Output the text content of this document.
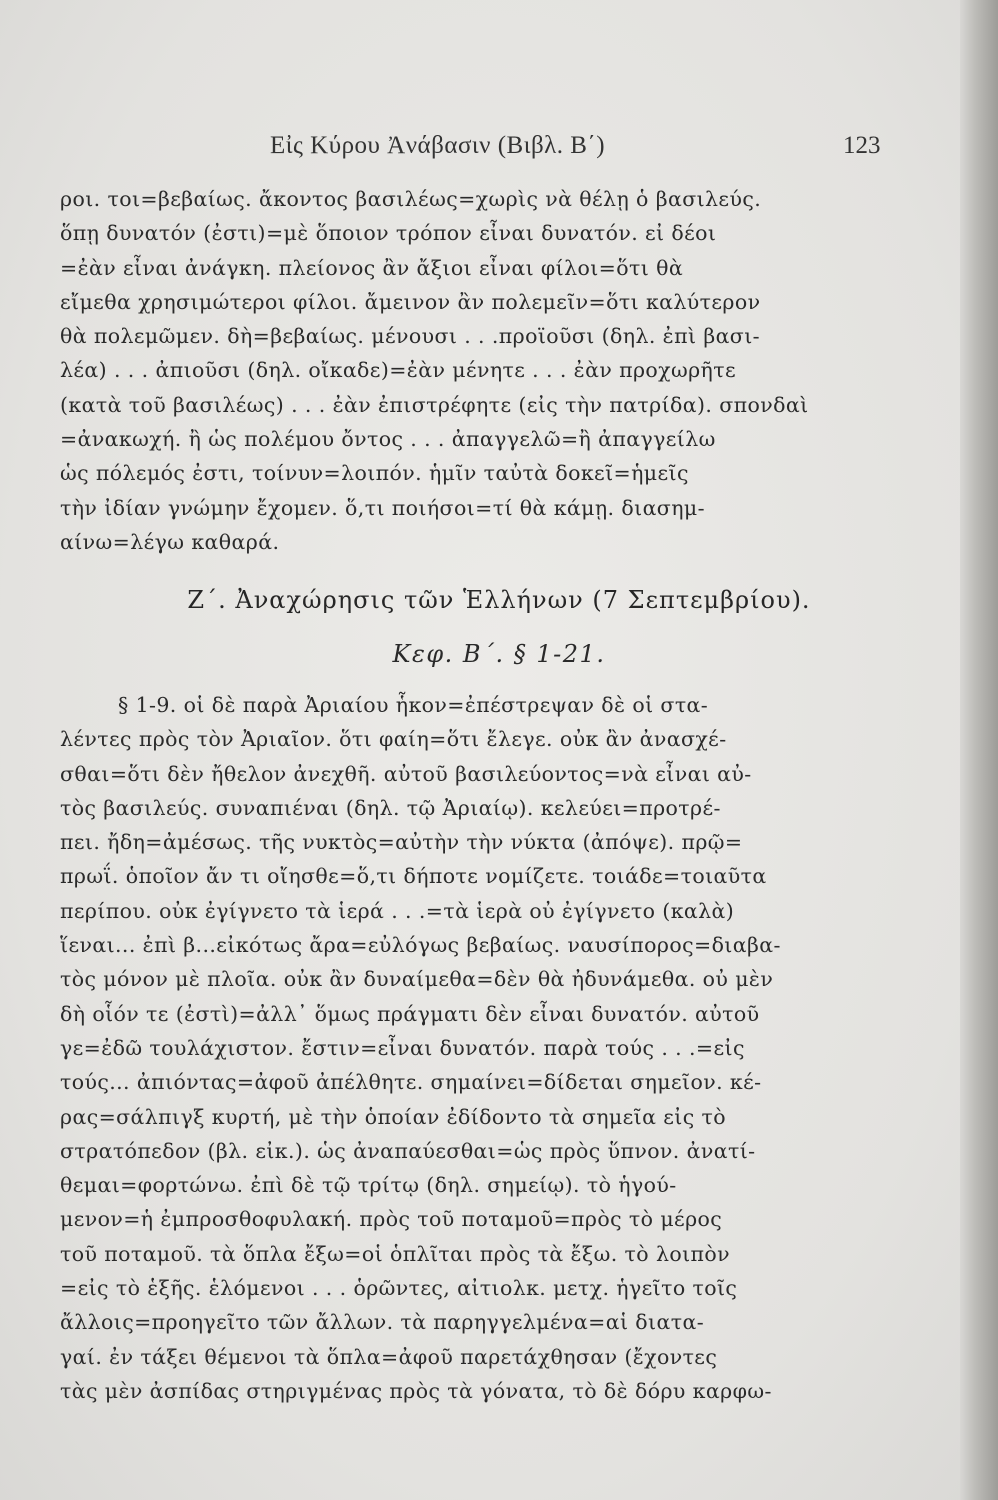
Εἰς Κύρου Ἀνάβασιν (Βιβλ. Β΄)	123
ροι. τοι=βεβαίως. ἄκοντος βασιλέως=χωρὶς νὰ θέλῃ ὁ βασιλεύς.
ὅπῃ δυνατόν (ἐστι)=μὲ ὅποιον τρόπον εἶναι δυνατόν. εἰ δέοι
=ἐὰν εἶναι ἀνάγκη. πλείονος ἂν ἄξιοι εἶναι φίλοι=ὅτι θὰ
εἴμεθα χρησιμώτεροι φίλοι. ἄμεινον ἂν πολεμεῖν=ὅτι καλύτερον
θὰ πολεμῶμεν. δὴ=βεβαίως. μένουσι . . .προϊοῦσι (δηλ. ἐπὶ βασι-
λέα) . . . ἀπιοῦσι (δηλ. οἴκαδε)=ἐὰν μένητε . . . ἐὰν προχωρῆτε
(κατὰ τοῦ βασιλέως) . . . ἐὰν ἐπιστρέφητε (εἰς τὴν πατρίδα). σπονδαὶ
=ἀνακωχή. ἢ ὡς πολέμου ὄντος . . . ἀπαγγελῶ=ἢ ἀπαγγείλω
ὡς πόλεμός ἐστι, τοίνυν=λοιπόν. ἡμῖν ταὐτὰ δοκεῖ=ἡμεῖς
τὴν ἰδίαν γνώμην ἔχομεν. ὅ,τι ποιήσοι=τί θὰ κάμῃ. διασημ-
αίνω=λέγω καθαρά.
Ζ΄. Ἀναχώρησις τῶν Ἑλλήνων (7 Σεπτεμβρίου).
Κεφ. Β΄. § 1-21.
§ 1-9. οἱ δὲ παρὰ Ἀριαίου ἧκον=ἐπέστρεψαν δὲ οἱ στα-
λέντες πρὸς τὸν Ἀριαῖον. ὅτι φαίη=ὅτι ἔλεγε. οὐκ ἂν ἀνασχέ-
σθαι=ὅτι δὲν ἤθελον ἀνεχθῆ. αὐτοῦ βασιλεύοντος=νὰ εἶναι αὐ-
τὸς βασιλεύς. συναπιέναι (δηλ. τῷ Ἀριαίῳ). κελεύει=προτρέ-
πει. ἤδη=ἀμέσως. τῆς νυκτὸς=αὐτὴν τὴν νύκτα (ἀπόψε). πρῷ=
πρωΐ. ὁποῖον ἄν τι οἴησθε=ὅ,τι δήποτε νομίζετε. τοιάδε=τοιαῦτα
περίπου. οὐκ ἐγίγνετο τὰ ἱερά . . .=τὰ ἱερὰ οὐ ἐγίγνετο (καλὰ)
ἵεναι... ἐπὶ β...εἰκότως ἄρα=εὐλόγως βεβαίως. ναυσίπορος=διαβα-
τὸς μόνον μὲ πλοῖα. οὐκ ἂν δυναίμεθα=δὲν θὰ ἠδυνάμεθα. οὐ μὲν
δὴ οἷόν τε (ἐστὶ)=ἀλλ᾿ ὅμως πράγματι δὲν εἶναι δυνατόν. αὐτοῦ
γε=ἐδῶ τουλάχιστον. ἔστιν=εἶναι δυνατόν. παρὰ τούς . . .=εἰς
τούς... ἀπιόντας=ἀφοῦ ἀπέλθητε. σημαίνει=δίδεται σημεῖον. κέ-
ρας=σάλπιγξ κυρτή, μὲ τὴν ὁποίαν ἐδίδοντο τὰ σημεῖα εἰς τὸ
στρατόπεδον (βλ. εἰκ.). ὡς ἀναπαύεσθαι=ὡς πρὸς ὕπνον. ἀνατί-
θεμαι=φορτώνω. ἐπὶ δὲ τῷ τρίτῳ (δηλ. σημείῳ). τὸ ἡγού-
μενον=ἡ ἐμπροσθοφυλακή. πρὸς τοῦ ποταμοῦ=πρὸς τὸ μέρος
τοῦ ποταμοῦ. τὰ ὅπλα ἔξω=οἱ ὁπλῖται πρὸς τὰ ἔξω. τὸ λοιπὸν
=εἰς τὸ ἑξῆς. ἑλόμενοι . . . ὁρῶντες, αἰτιολκ. μετχ. ἡγεῖτο τοῖς
ἄλλοις=προηγεῖτο τῶν ἄλλων. τὰ παρηγγελμένα=αἱ διατα-
γαί. ἐν τάξει θέμενοι τὰ ὅπλα=ἀφοῦ παρετάχθησαν (ἔχοντες
τὰς μὲν ἀσπίδας στηριγμένας πρὸς τὰ γόνατα, τὸ δὲ δόρυ καρφω-
